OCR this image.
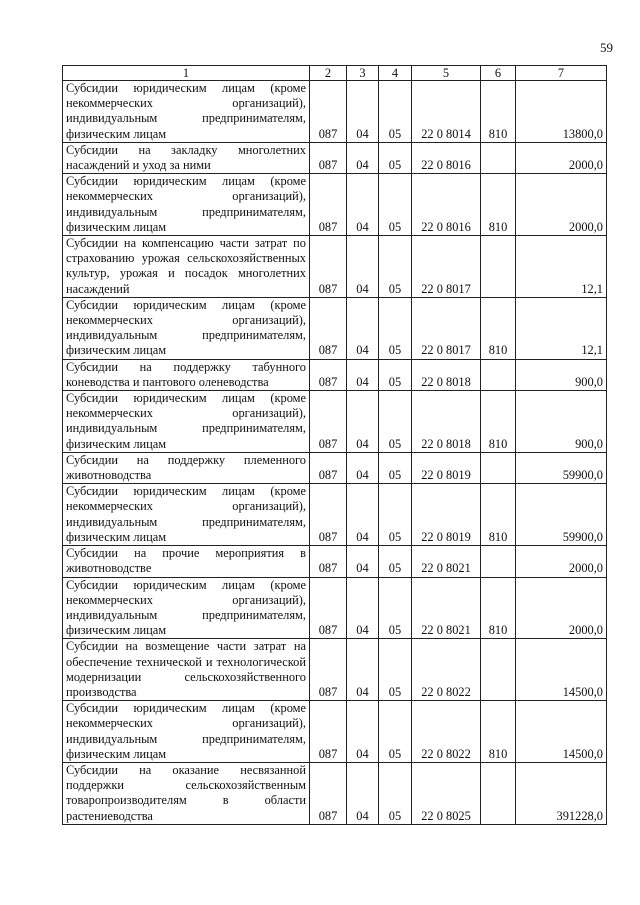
59
1	2	3	4	5	6	7
Субсидии юридическим лицам (кроме некоммерческих организаций), индивидуальным предпринимателям, физическим лицам	087	04	05	22 0 8014	810	13800,0
Субсидии на закладку многолетних насаждений и уход за ними	087	04	05	22 0 8016		2000,0
Субсидии юридическим лицам (кроме некоммерческих организаций), индивидуальным предпринимателям, физическим лицам	087	04	05	22 0 8016	810	2000,0
Субсидии на компенсацию части затрат по страхованию урожая сельскохозяйственных культур, урожая и посадок многолетних насаждений	087	04	05	22 0 8017		12,1
Субсидии юридическим лицам (кроме некоммерческих организаций), индивидуальным предпринимателям, физическим лицам	087	04	05	22 0 8017	810	12,1
Субсидии на поддержку табунного коневодства и пантового оленеводства	087	04	05	22 0 8018		900,0
Субсидии юридическим лицам (кроме некоммерческих организаций), индивидуальным предпринимателям, физическим лицам	087	04	05	22 0 8018	810	900,0
Субсидии на поддержку племенного животноводства	087	04	05	22 0 8019		59900,0
Субсидии юридическим лицам (кроме некоммерческих организаций), индивидуальным предпринимателям, физическим лицам	087	04	05	22 0 8019	810	59900,0
Субсидии на прочие мероприятия в животноводстве	087	04	05	22 0 8021		2000,0
Субсидии юридическим лицам (кроме некоммерческих организаций), индивидуальным предпринимателям, физическим лицам	087	04	05	22 0 8021	810	2000,0
Субсидии на возмещение части затрат на обеспечение технической и технологической модернизации сельскохозяйственного производства	087	04	05	22 0 8022		14500,0
Субсидии юридическим лицам (кроме некоммерческих организаций), индивидуальным предпринимателям, физическим лицам	087	04	05	22 0 8022	810	14500,0
Субсидии на оказание несвязанной поддержки сельскохозяйственным товаропроизводителям в области растениеводства	087	04	05	22 0 8025		391228,0
